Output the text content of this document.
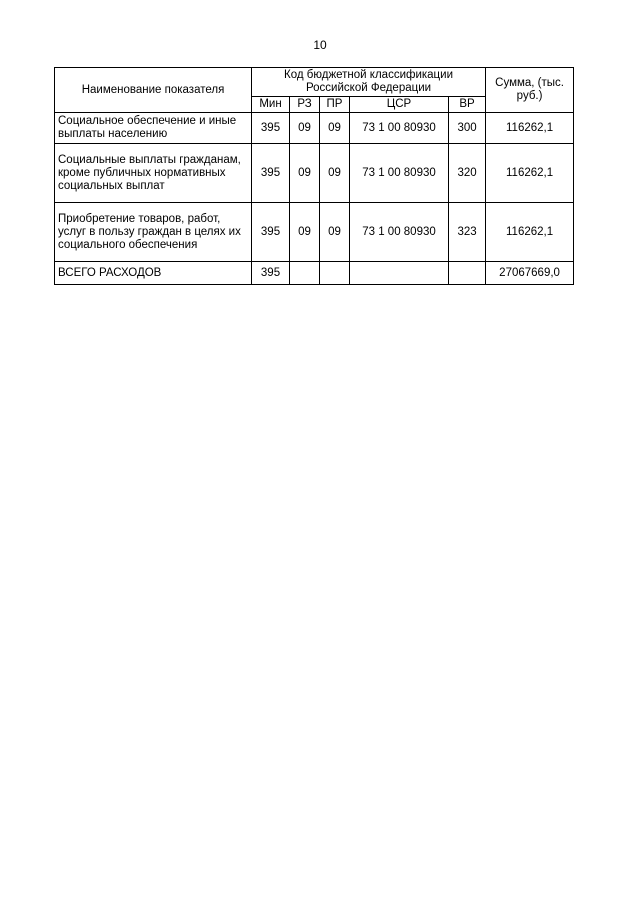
10
Наименование показателя	Код бюджетной классификации Российской Федерации					Сумма, (тыс. руб.)
	Мин	РЗ	ПР	ЦСР	ВР	
Социальное обеспечение и иные выплаты населению	395	09	09	73 1 00 80930	300	116262,1
Социальные выплаты гражданам, кроме публичных нормативных социальных выплат	395	09	09	73 1 00 80930	320	116262,1
Приобретение товаров, работ, услуг в пользу граждан в целях их социального обеспечения	395	09	09	73 1 00 80930	323	116262,1
ВСЕГО РАСХОДОВ	395					27067669,0
